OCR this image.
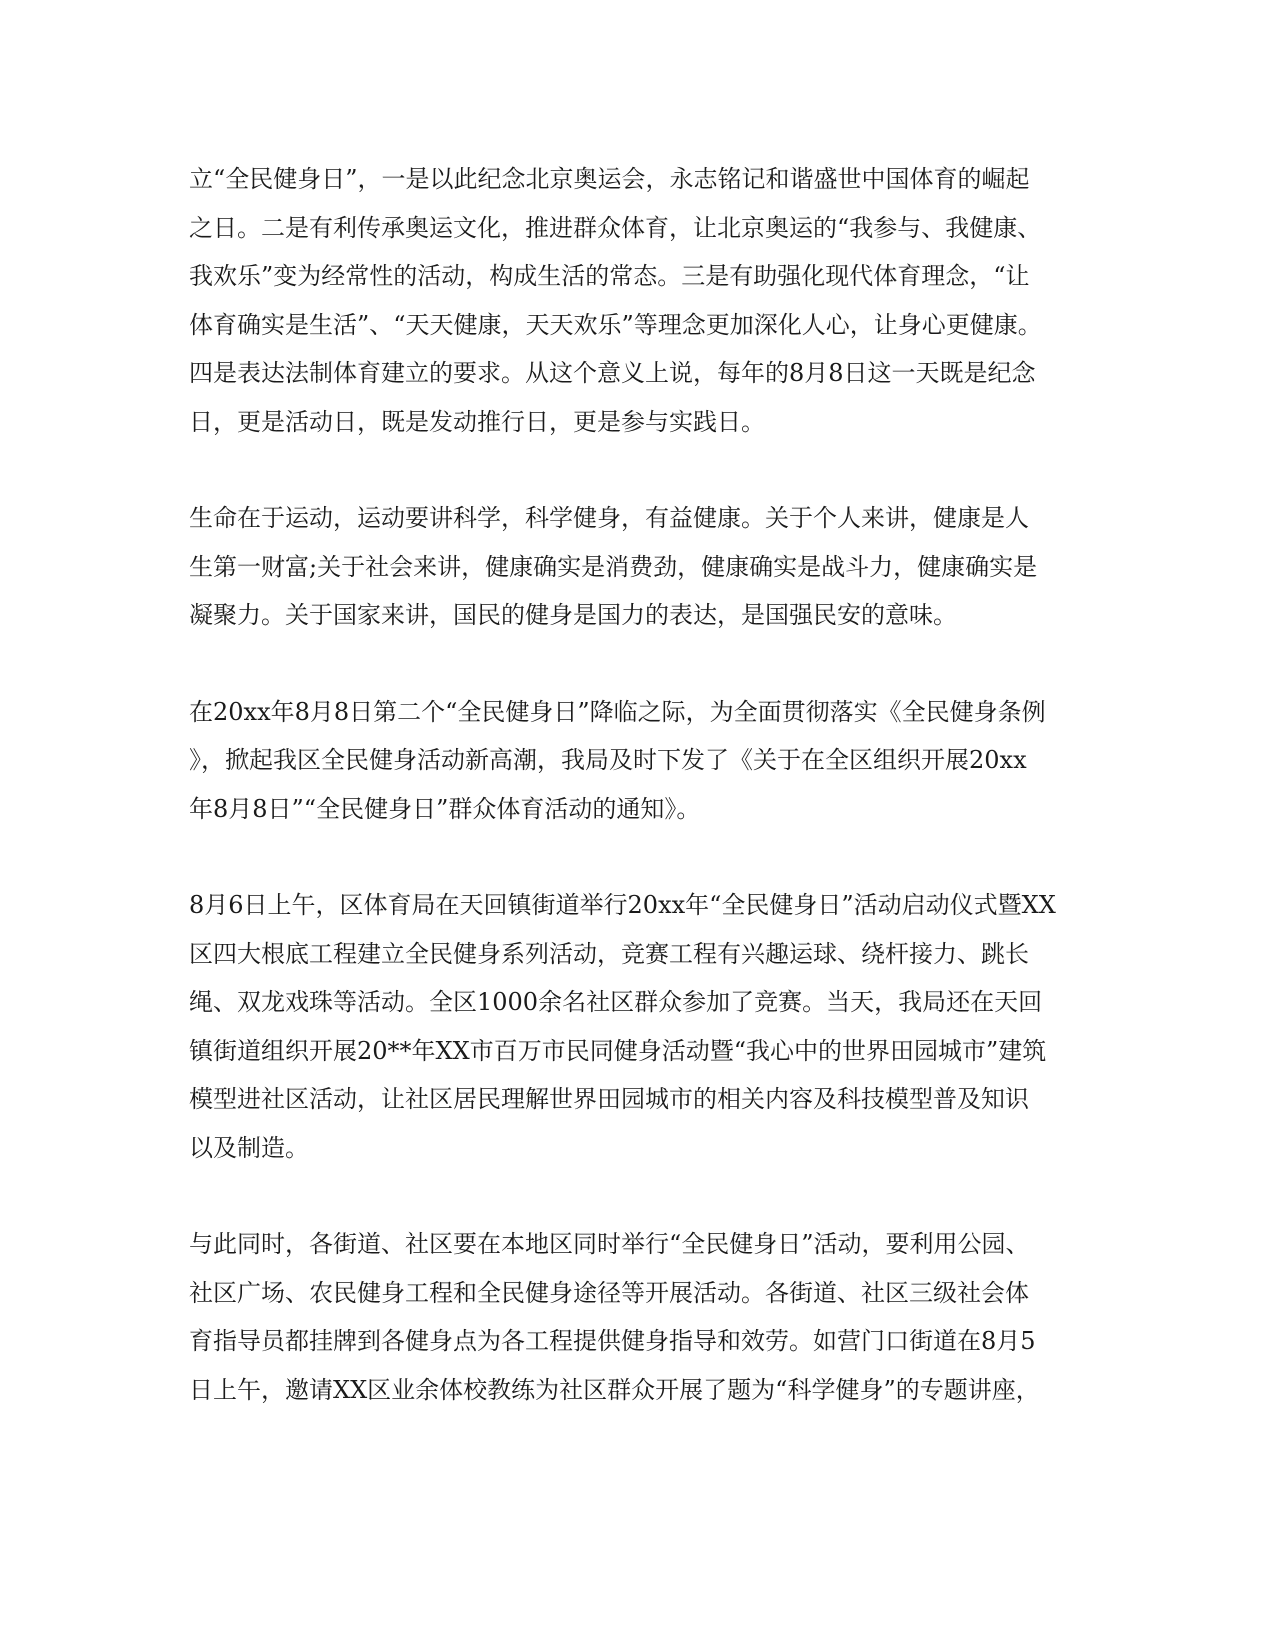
立“全民健身日”，一是以此纪念北京奥运会，永志铭记和谐盛世中国体育的崛起
之日。二是有利传承奥运文化，推进群众体育，让北京奥运的“我参与、我健康、
我欢乐”变为经常性的活动，构成生活的常态。三是有助强化现代体育理念，“让
体育确实是生活”、“天天健康，天天欢乐”等理念更加深化人心，让身心更健康。
四是表达法制体育建立的要求。从这个意义上说，每年的8月8日这一天既是纪念
日，更是活动日，既是发动推行日，更是参与实践日。

生命在于运动，运动要讲科学，科学健身，有益健康。关于个人来讲，健康是人
生第一财富;关于社会来讲，健康确实是消费劲，健康确实是战斗力，健康确实是
凝聚力。关于国家来讲，国民的健身是国力的表达，是国强民安的意味。

在20xx年8月8日第二个“全民健身日”降临之际，为全面贯彻落实《全民健身条例
》，掀起我区全民健身活动新高潮，我局及时下发了《关于在全区组织开展20xx
年8月8日”“全民健身日”群众体育活动的通知》。

8月6日上午，区体育局在天回镇街道举行20xx年“全民健身日”活动启动仪式暨XX
区四大根底工程建立全民健身系列活动，竞赛工程有兴趣运球、绕杆接力、跳长
绳、双龙戏珠等活动。全区1000余名社区群众参加了竞赛。当天，我局还在天回
镇街道组织开展20**年XX市百万市民同健身活动暨“我心中的世界田园城市”建筑
模型进社区活动，让社区居民理解世界田园城市的相关内容及科技模型普及知识
以及制造。

与此同时，各街道、社区要在本地区同时举行“全民健身日”活动，要利用公园、
社区广场、农民健身工程和全民健身途径等开展活动。各街道、社区三级社会体
育指导员都挂牌到各健身点为各工程提供健身指导和效劳。如营门口街道在8月5
日上午，邀请XX区业余体校教练为社区群众开展了题为“科学健身”的专题讲座，
